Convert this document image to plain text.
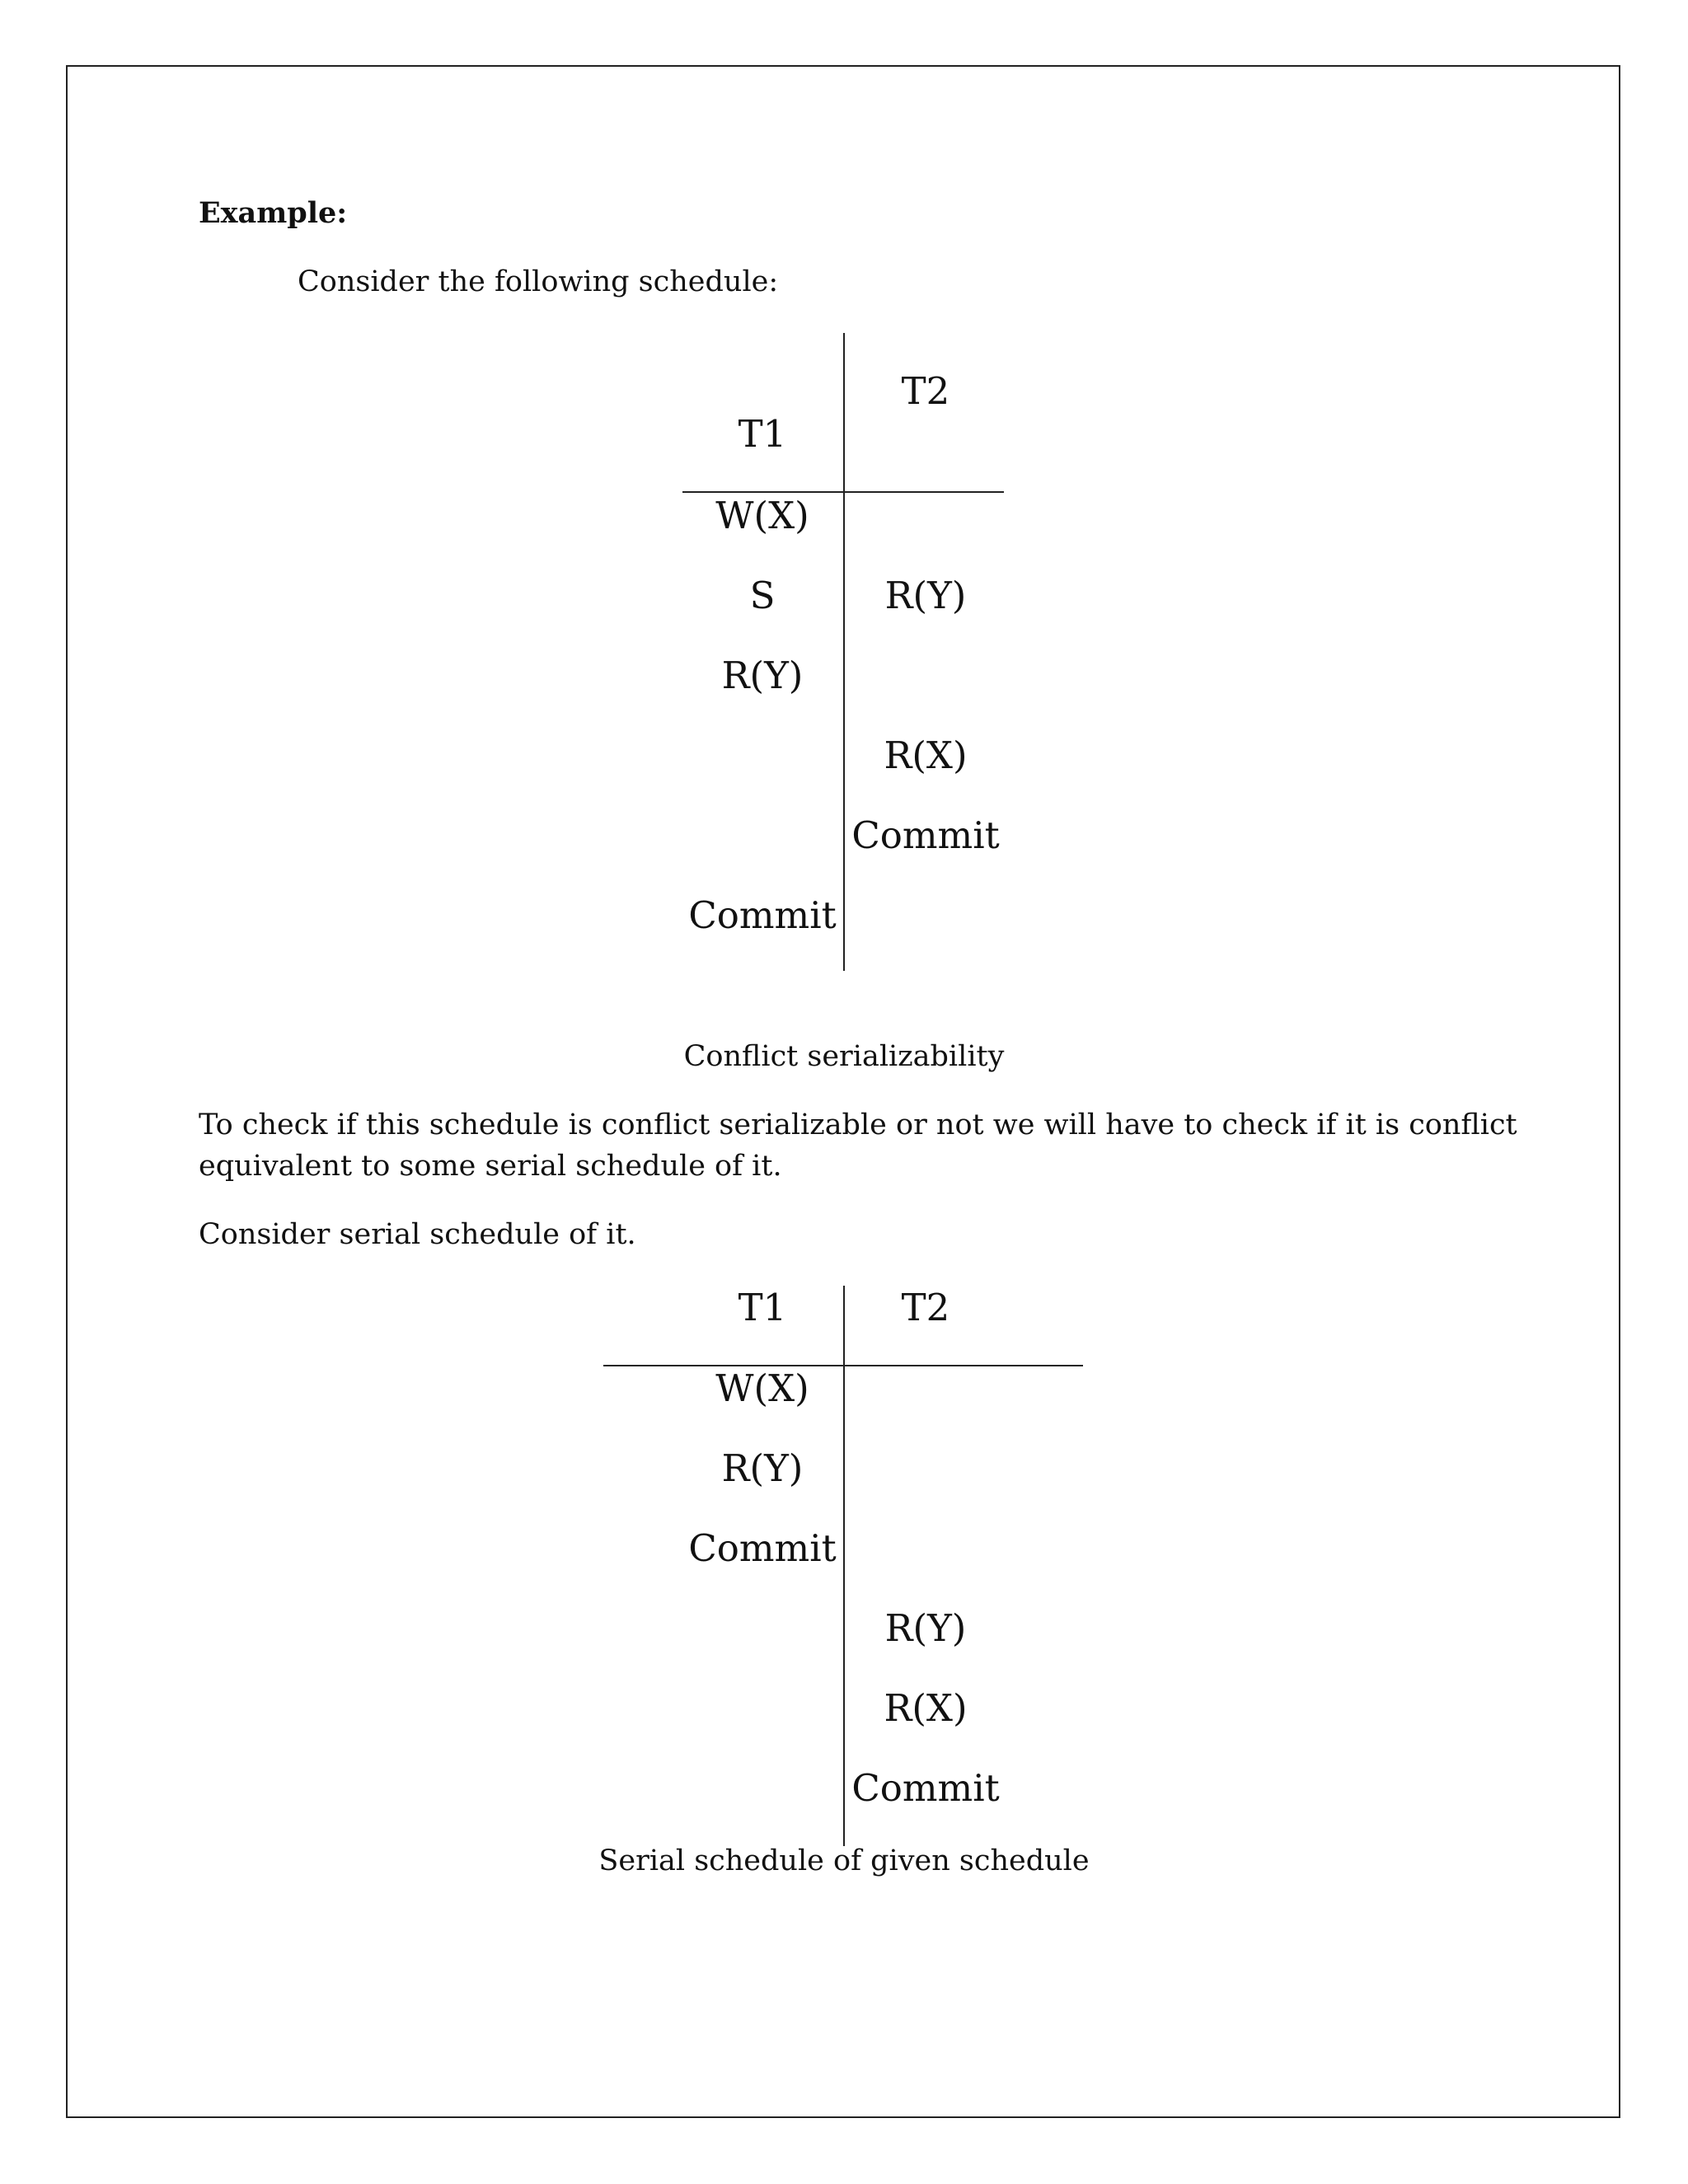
Example:
Consider the following schedule:
T1
T2
W(X)
S	R(Y)
R(Y)
R(X)
Commit
Commit
Conflict serializability
To check if this schedule is conflict serializable or not we will have to check if it is conflict
equivalent to some serial schedule of it.
Consider serial schedule of it.
T1	T2
W(X)
R(Y)
Commit
R(Y)
R(X)
Commit
Serial schedule of given schedule
